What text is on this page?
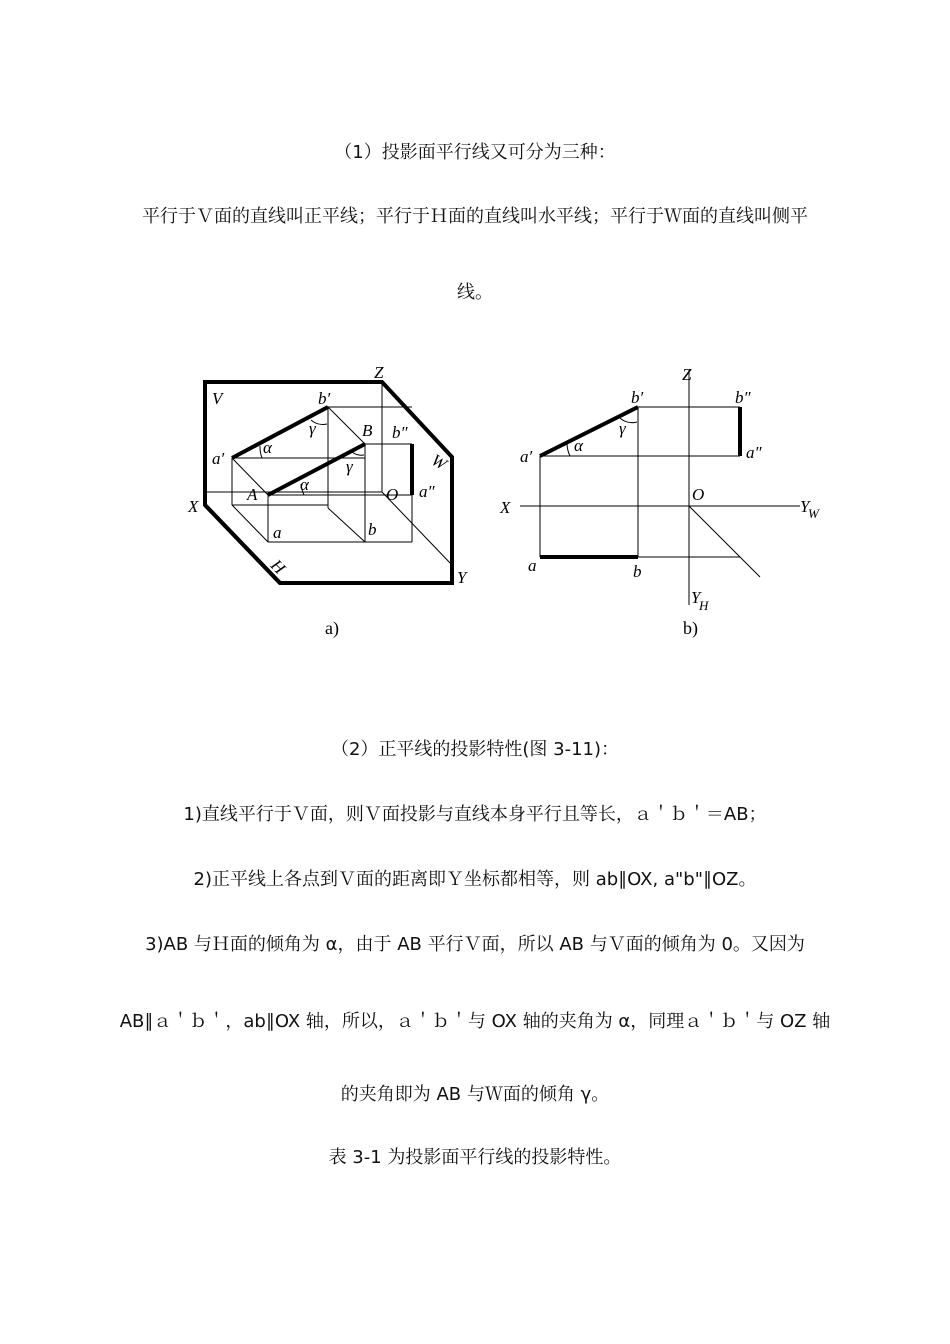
（1）投影面平行线又可分为三种：
平行于Ｖ面的直线叫正平线；平行于Ｈ面的直线叫水平线；平行于Ｗ面的直线叫侧平
线。
V
Z
X
Y
H
W
a′
b′
A
B b″
O a″
a	b
α
α
γ
γ
a)
Z
X	Y
W
Y
H
O
a′
b′	b″
a″
a	b
α
γ
b)
（2）正平线的投影特性(图 3-11)：
1)直线平行于Ｖ面，则Ｖ面投影与直线本身平行且等长，ａ＇ｂ＇＝AB；
2)正平线上各点到Ｖ面的距离即Ｙ坐标都相等，则 ab∥OX, a"b"∥OZ。
3)AB 与Ｈ面的倾角为 α，由于 AB 平行Ｖ面，所以 AB 与Ｖ面的倾角为 0。又因为
AB∥ａ＇ｂ＇，ab∥OX 轴，所以，ａ＇ｂ＇与 OX 轴的夹角为 α，同理ａ＇ｂ＇与 OZ 轴
的夹角即为 AB 与Ｗ面的倾角 γ。
表 3-1 为投影面平行线的投影特性。
